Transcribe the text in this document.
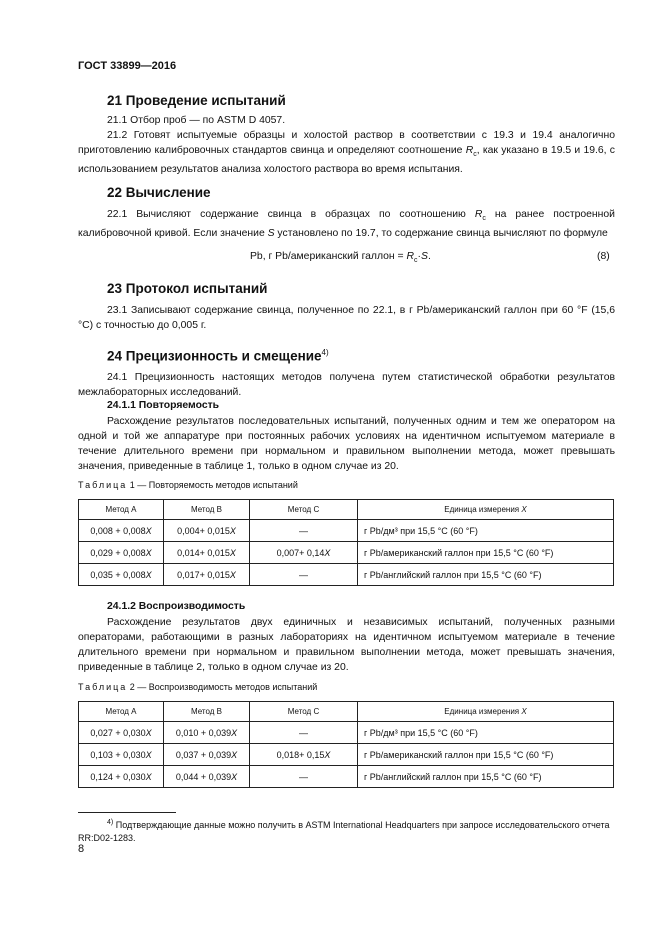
ГОСТ 33899—2016
21 Проведение испытаний
21.1 Отбор проб — по ASTM D 4057.
21.2 Готовят испытуемые образцы и холостой раствор в соответствии с 19.3 и 19.4 аналогично приготовлению калибровочных стандартов свинца и определяют соотношение $R_c$, как указано в 19.5 и 19.6, с использованием результатов анализа холостого раствора во время испытания.
22 Вычисление
22.1 Вычисляют содержание свинца в образцах по соотношению $R_c$ на ранее построенной калибровочной кривой. Если значение S установлено по 19.7, то содержание свинца вычисляют по формуле
Pb, г Pb/американский галлон = $R_c\cdot S$.	(8)
23 Протокол испытаний
23.1 Записывают содержание свинца, полученное по 22.1, в г Pb/американский галлон при 60 °F (15,6 °С) с точностью до 0,005 г.
24 Прецизионность и смещение$^{4)}$
24.1 Прецизионность настоящих методов получена путем статистической обработки результатов межлабораторных исследований.
24.1.1 Повторяемость
Расхождение результатов последовательных испытаний, полученных одним и тем же оператором на одной и той же аппаратуре при постоянных рабочих условиях на идентичном испытуемом материале в течение длительного времени при нормальном и правильном выполнении метода, может превышать значения, приведенные в таблице 1, только в одном случае из 20.
Таблица 1 — Повторяемость методов испытаний
Метод А	Метод В	Метод С	Единица измерения X
0,008 + 0,008X	0,004+ 0,015X	—	г Pb/дм³ при 15,5 °С (60 °F)
0,029 + 0,008X	0,014+ 0,015X	0,007+ 0,14X	г Pb/американский галлон при 15,5 °С (60 °F)
0,035 + 0,008X	0,017+ 0,015X	—	г Pb/английский галлон при 15,5 °С (60 °F)
24.1.2 Воспроизводимость
Расхождение результатов двух единичных и независимых испытаний, полученных разными операторами, работающими в разных лабораториях на идентичном испытуемом материале в течение длительного времени при нормальном и правильном выполнении метода, может превышать значения, приведенные в таблице 2, только в одном случае из 20.
Таблица 2 — Воспроизводимость методов испытаний
Метод А	Метод В	Метод С	Единица измерения X
0,027 + 0,030X	0,010 + 0,039X	—	г Pb/дм³ при 15,5 °С (60 °F)
0,103 + 0,030X	0,037 + 0,039X	0,018+ 0,15X	г Pb/американский галлон при 15,5 °С (60 °F)
0,124 + 0,030X	0,044 + 0,039X	—	г Pb/английский галлон при 15,5 °С (60 °F)
$^{4)}$ Подтверждающие данные можно получить в ASTM International Headquarters при запросе исследовательского отчета RR:D02-1283.
8
